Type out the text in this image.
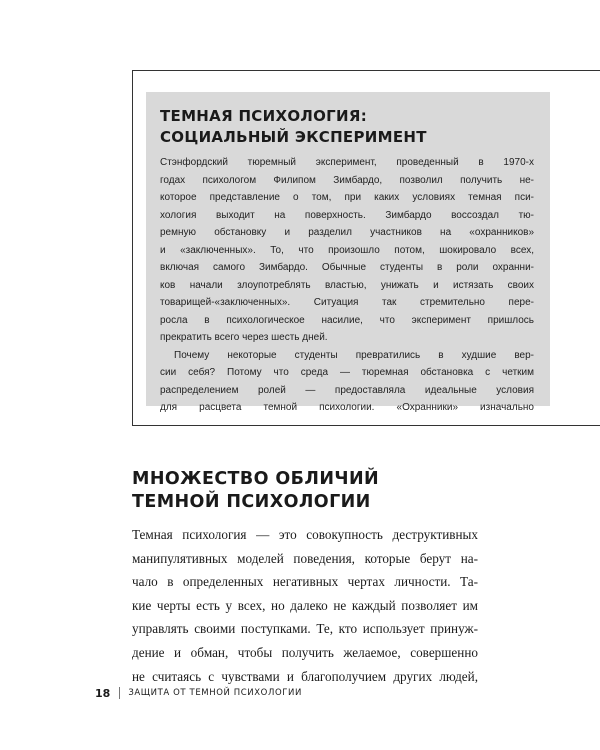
ТЕМНАЯ ПСИХОЛОГИЯ:
СОЦИАЛЬНЫЙ ЭКСПЕРИМЕНТ

Стэнфордский тюремный эксперимент, проведенный в 1970-х
годах психологом Филипом Зимбардо, позволил получить не-
которое представление о том, при каких условиях темная пси-
хология выходит на поверхность. Зимбардо воссоздал тю-
ремную обстановку и разделил участников на «охранников»
и «заключенных». То, что произошло потом, шокировало всех,
включая самого Зимбардо. Обычные студенты в роли охранни-
ков начали злоупотреблять властью, унижать и истязать своих
товарищей-«заключенных». Ситуация так стремительно пере-
росла в психологическое насилие, что эксперимент пришлось
прекратить всего через шесть дней.

Почему некоторые студенты превратились в худшие вер-
сии себя? Потому что среда — тюремная обстановка с четким
распределением ролей — предоставляла идеальные условия
для расцвета темной психологии. «Охранники» изначально

МНОЖЕСТВО ОБЛИЧИЙ
ТЕМНОЙ ПСИХОЛОГИИ

Темная психология — это совокупность деструктивных
манипулятивных моделей поведения, которые берут на-
чало в определенных негативных чертах личности. Та-
кие черты есть у всех, но далеко не каждый позволяет им
управлять своими поступками. Те, кто использует принуж-
дение и обман, чтобы получить желаемое, совершенно
не считаясь с чувствами и благополучием других людей,

18 ЗАЩИТА ОТ ТЕМНОЙ ПСИХОЛОГИИ
